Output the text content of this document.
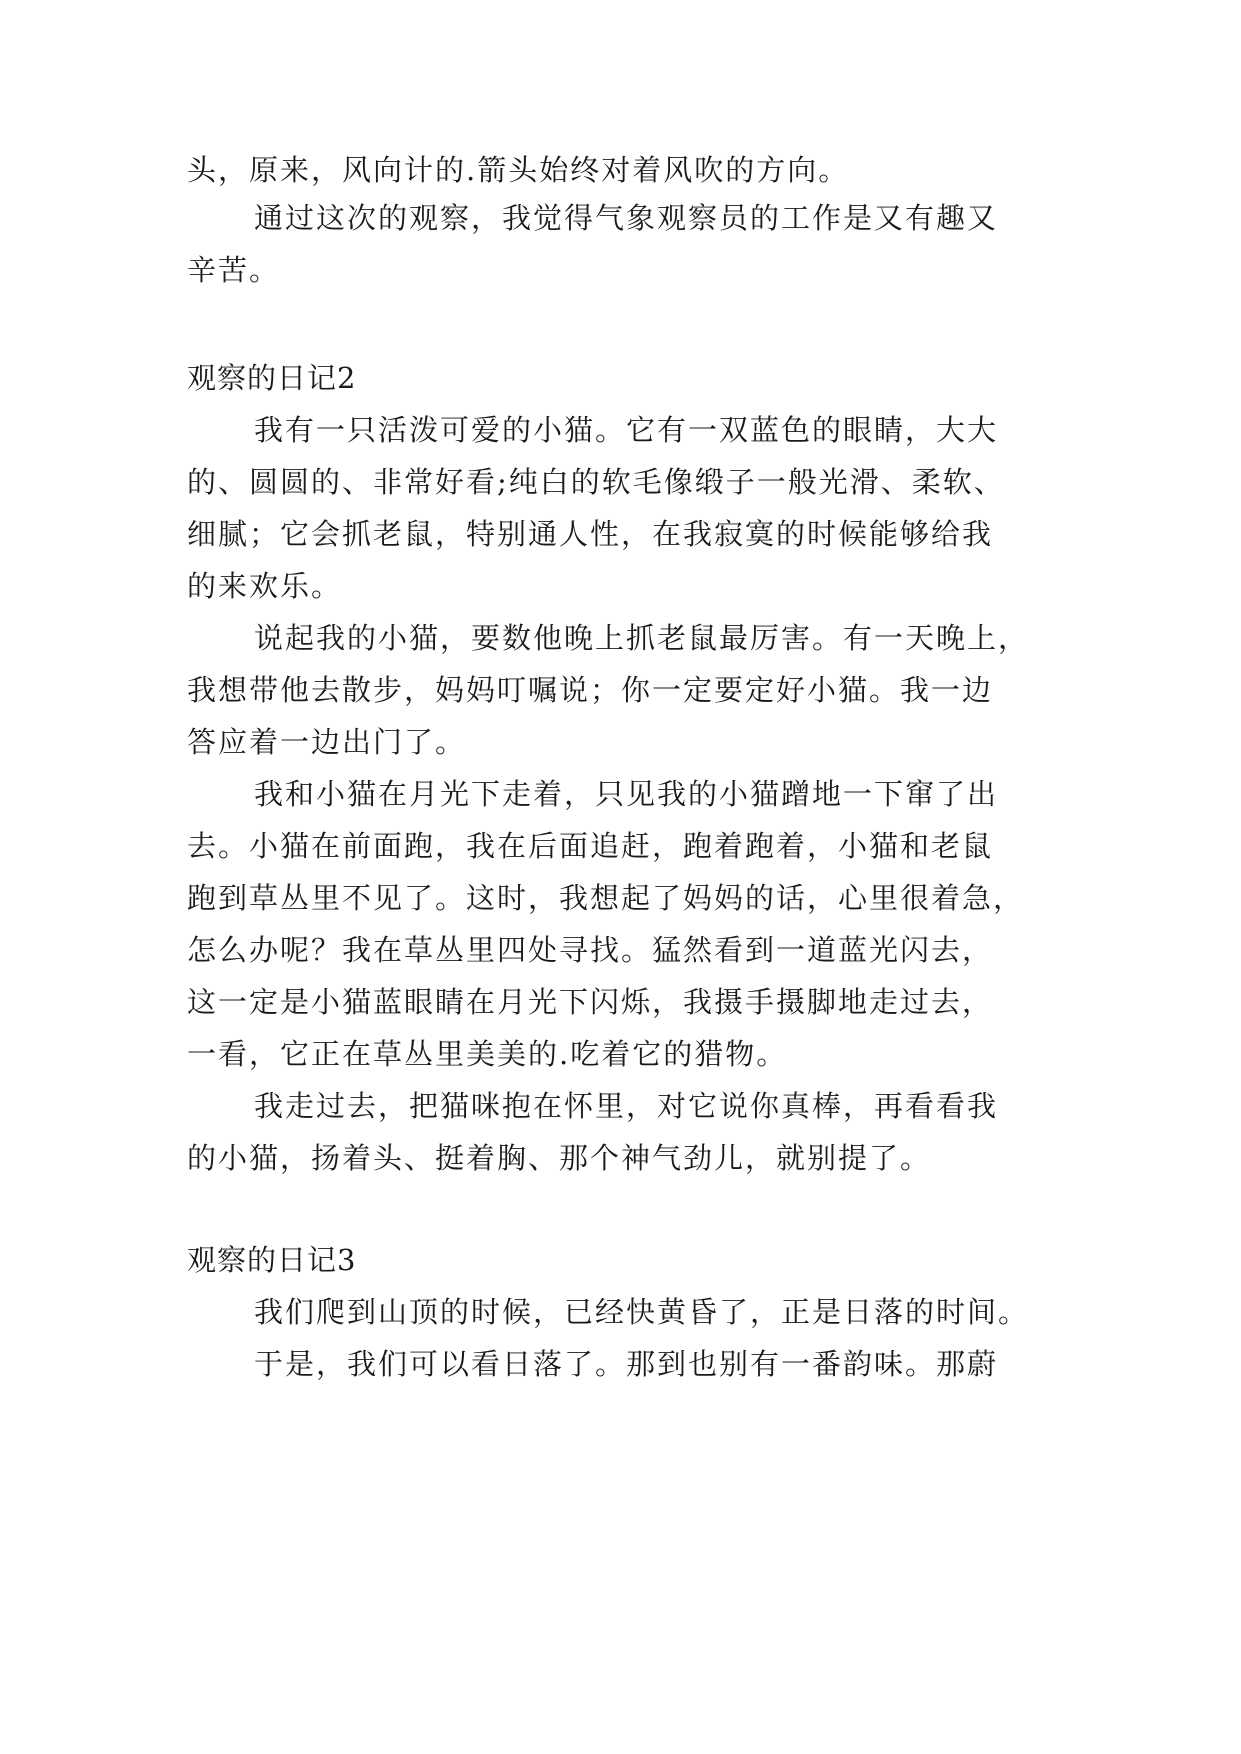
头，原来，风向计的.箭头始终对着风吹的方向。
通过这次的观察，我觉得气象观察员的工作是又有趣又
辛苦。
观察的日记2
我有一只活泼可爱的小猫。它有一双蓝色的眼睛，大大
的、圆圆的、非常好看;纯白的软毛像缎子一般光滑、柔软、
细腻；它会抓老鼠，特别通人性，在我寂寞的时候能够给我
的来欢乐。
说起我的小猫，要数他晚上抓老鼠最厉害。有一天晚上，
我想带他去散步，妈妈叮嘱说；你一定要定好小猫。我一边
答应着一边出门了。
我和小猫在月光下走着，只见我的小猫蹭地一下窜了出
去。小猫在前面跑，我在后面追赶，跑着跑着，小猫和老鼠
跑到草丛里不见了。这时，我想起了妈妈的话，心里很着急，
怎么办呢？我在草丛里四处寻找。猛然看到一道蓝光闪去，
这一定是小猫蓝眼睛在月光下闪烁，我摄手摄脚地走过去，
一看，它正在草丛里美美的.吃着它的猎物。
我走过去，把猫咪抱在怀里，对它说你真棒，再看看我
的小猫，扬着头、挺着胸、那个神气劲儿，就别提了。
观察的日记3
我们爬到山顶的时候，已经快黄昏了，正是日落的时间。
于是，我们可以看日落了。那到也别有一番韵味。那蔚
